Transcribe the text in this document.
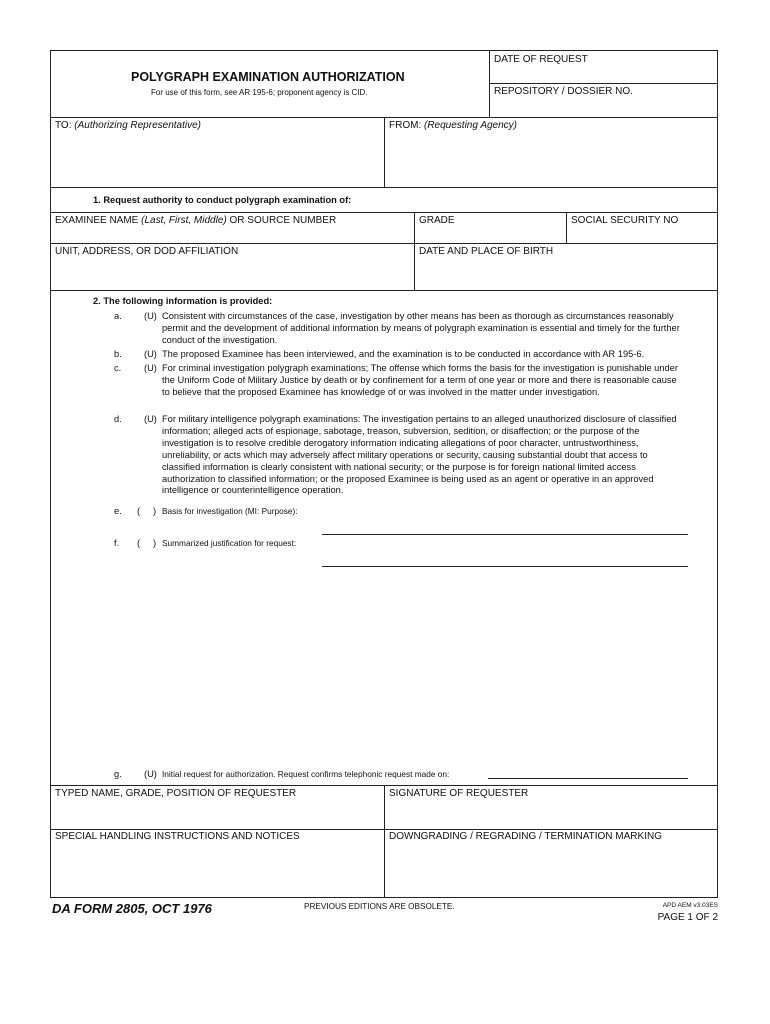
POLYGRAPH EXAMINATION AUTHORIZATION
For use of this form, see AR 195-6; proponent agency is CID.
DATE OF REQUEST
REPOSITORY / DOSSIER NO.
TO: (Authorizing Representative)	FROM: (Requesting Agency)
1. Request authority to conduct polygraph examination of:
EXAMINEE NAME (Last, First, Middle) OR SOURCE NUMBER	GRADE	SOCIAL SECURITY NO
UNIT, ADDRESS, OR DOD AFFILIATION	DATE AND PLACE OF BIRTH
2. The following information is provided:
a. (U) Consistent with circumstances of the case, investigation by other means has been as thorough as circumstances reasonably permit and the development of additional information by means of polygraph examination is essential and timely for the further conduct of the investigation.
b. (U) The proposed Examinee has been interviewed, and the examination is to be conducted in accordance with AR 195-6.
c. (U) For criminal investigation polygraph examinations; The offense which forms the basis for the investigation is punishable under the Uniform Code of Military Justice by death or by confinement for a term of one year or more and there is reasonable cause to believe that the proposed Examinee has knowledge of or was involved in the matter under investigation.
d. (U) For military intelligence polygraph examinations: The investigation pertains to an alleged unauthorized disclosure of classified information; alleged acts of espionage, sabotage, treason, subversion, sedition, or disaffection; or the purpose of the investigation is to resolve credible derogatory information indicating allegations of poor character, untrustworthiness, unreliability, or acts which may adversely affect military operations or security, causing substantial doubt that access to classified information is clearly consistent with national security; or the purpose is for foreign national limited access authorization to classified information; or the proposed Examinee is being used as an agent or operative in an approved intelligence or counterintelligence operation.
e. (     ) Basis for investigation (MI: Purpose):
f. (     ) Summarized justification for request:
g. (U) Initial request for authorization. Request confirms telephonic request made on:
TYPED NAME, GRADE, POSITION OF REQUESTER	SIGNATURE OF REQUESTER
SPECIAL HANDLING INSTRUCTIONS AND NOTICES	DOWNGRADING / REGRADING / TERMINATION MARKING
DA FORM 2805, OCT 1976	PREVIOUS EDITIONS ARE OBSOLETE.	APD AEM v3.03ES
PAGE 1 OF 2
